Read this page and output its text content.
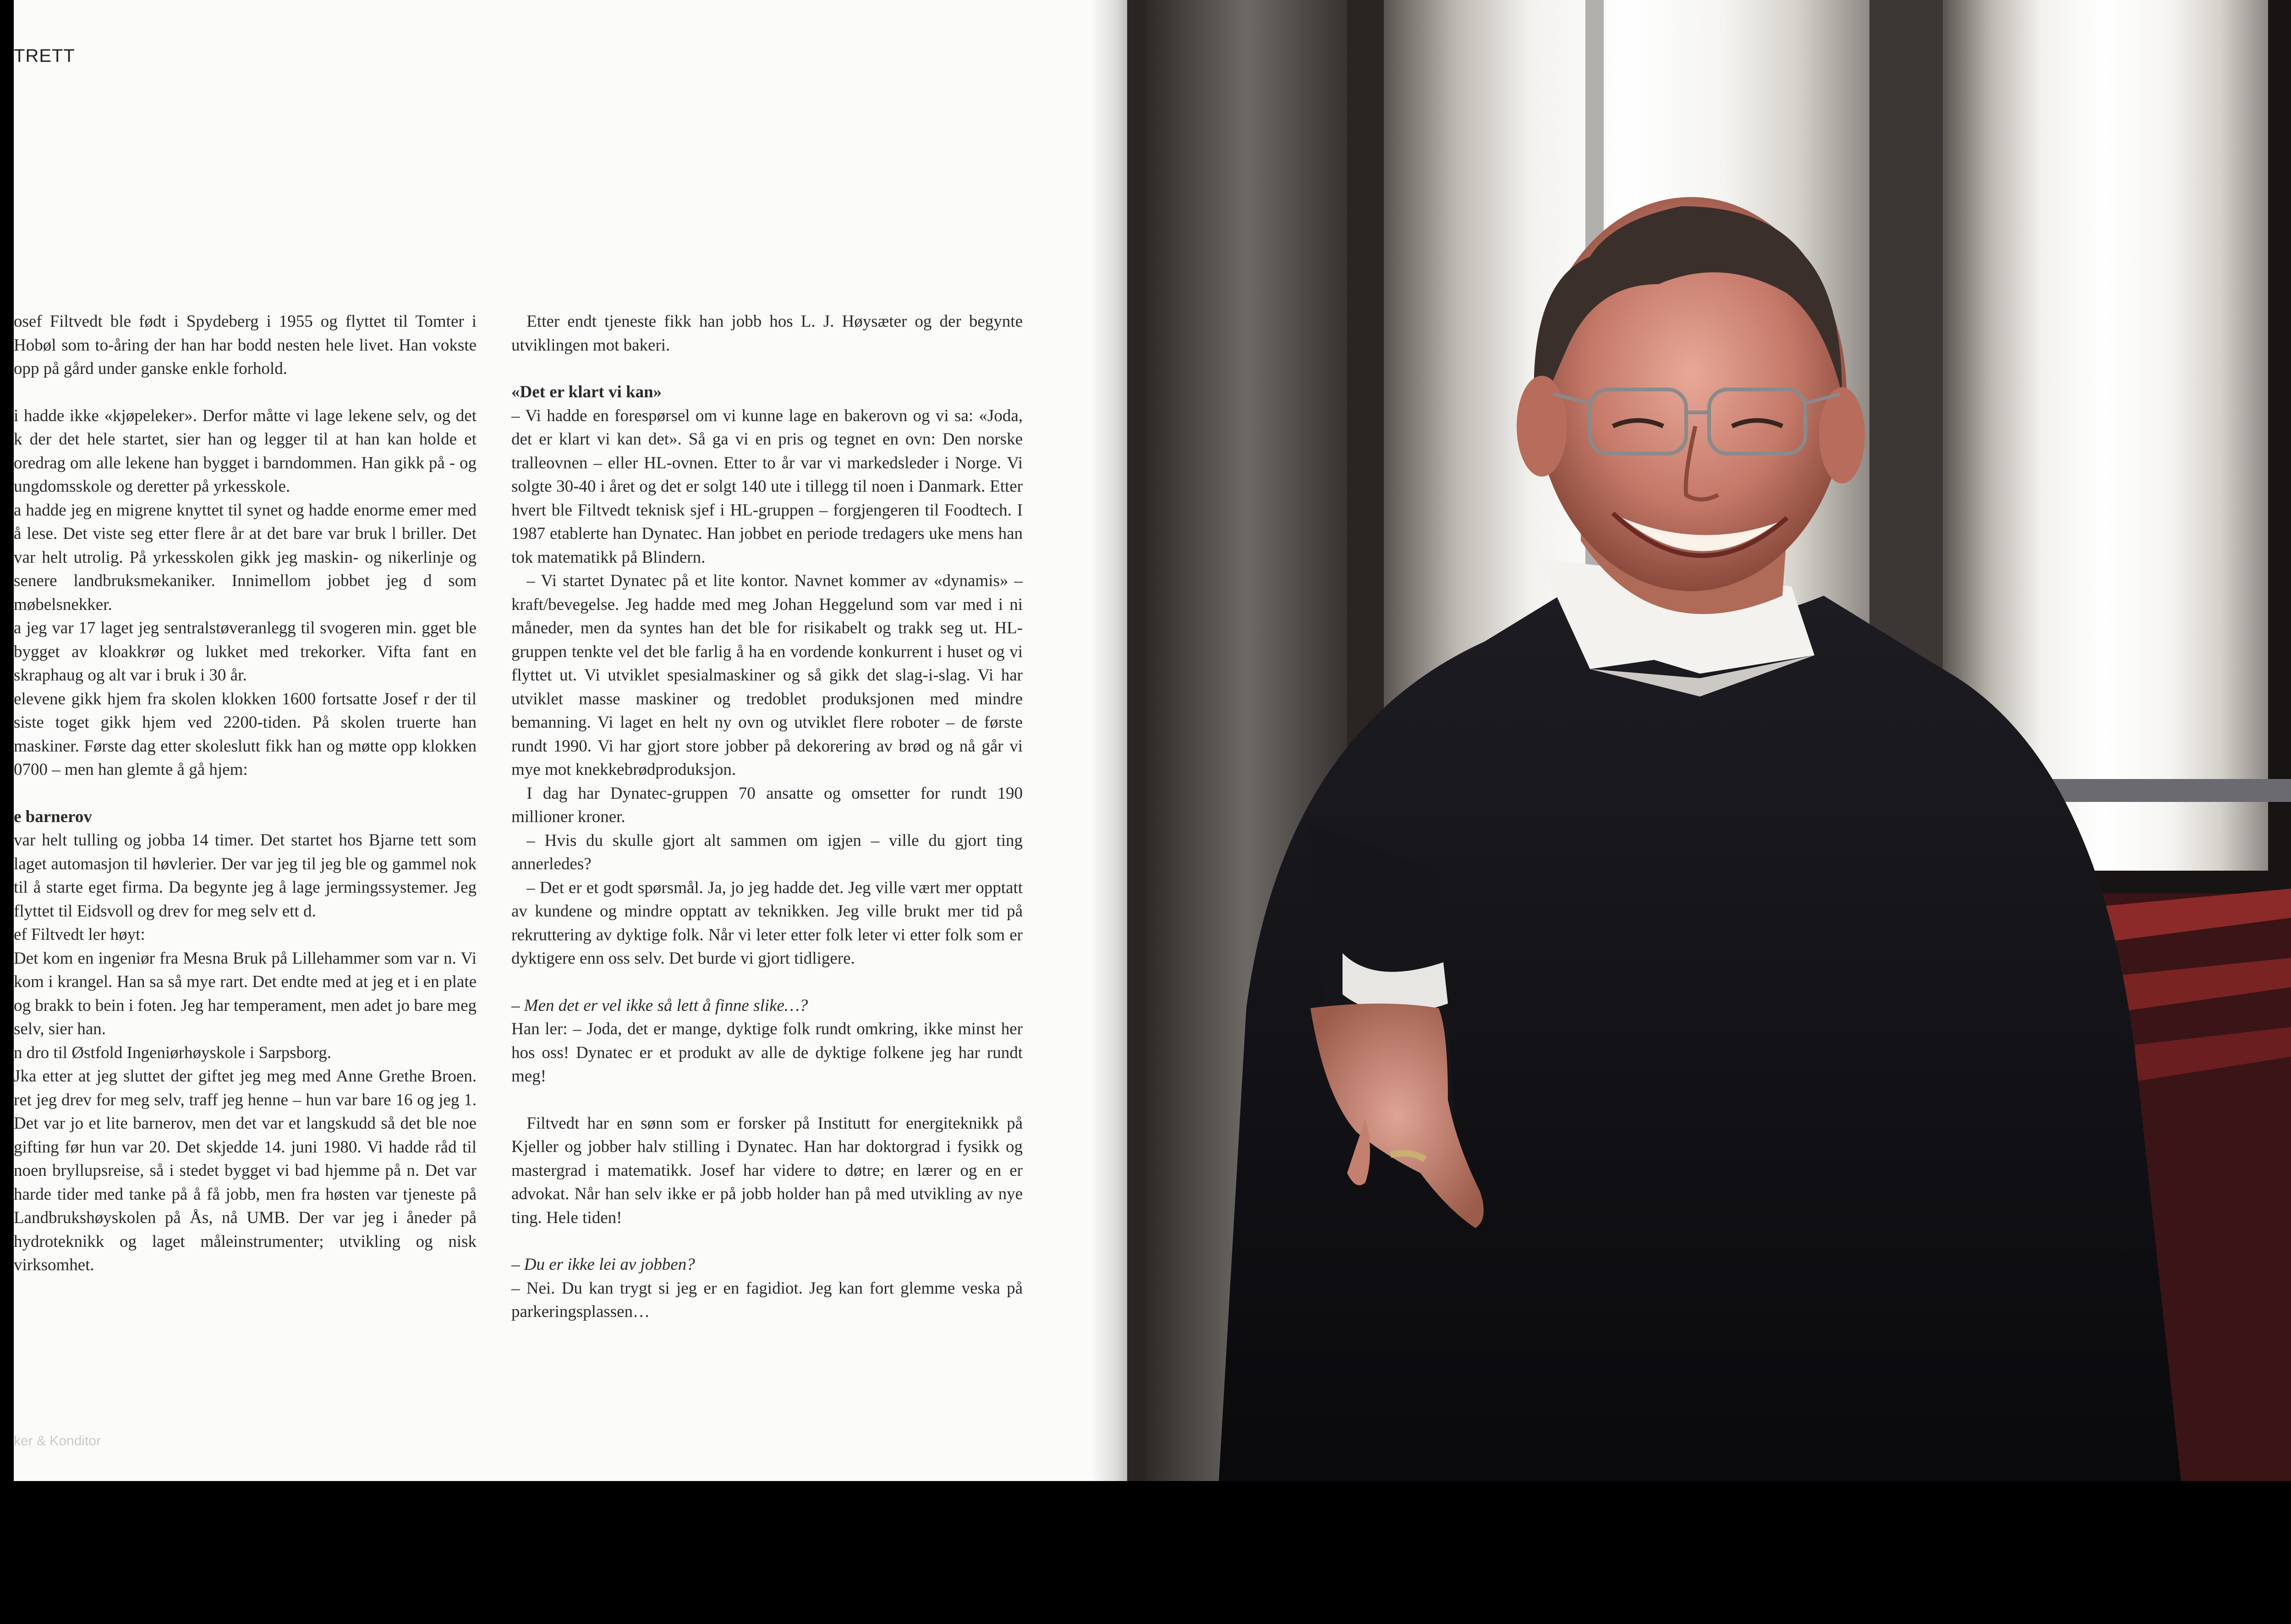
TRETT

osef Filtvedt ble født i Spydeberg i 1955 og flyttet til Tomter i Hobøl som to-åring der han har bodd nesten hele livet. Han vokste opp på gård under ganske enkle forhold.

i hadde ikke «kjøpeleker». Derfor måtte vi lage lekene selv, og det k der det hele startet, sier han og legger til at han kan holde et oredrag om alle lekene han bygget i barndommen. Han gikk på - og ungdomsskole og deretter på yrkesskole.

a hadde jeg en migrene knyttet til synet og hadde enorme emer med å lese. Det viste seg etter flere år at det bare var bruk l briller. Det var helt utrolig. På yrkesskolen gikk jeg maskin- og nikerlinje og senere landbruksmekaniker. Innimellom jobbet jeg d som møbelsnekker.

a jeg var 17 laget jeg sentralstøveranlegg til svogeren min. gget ble bygget av kloakkrør og lukket med trekorker. Vifta fant en skraphaug og alt var i bruk i 30 år.

elevene gikk hjem fra skolen klokken 1600 fortsatte Josef r der til siste toget gikk hjem ved 2200-tiden. På skolen truerte han maskiner. Første dag etter skoleslutt fikk han og møtte opp klokken 0700 – men han glemte å gå hjem:

e barnerov

var helt tulling og jobba 14 timer. Det startet hos Bjarne tett som laget automasjon til høvlerier. Der var jeg til jeg ble og gammel nok til å starte eget firma. Da begynte jeg å lage jermingssystemer. Jeg flyttet til Eidsvoll og drev for meg selv ett d.

ef Filtvedt ler høyt:

Det kom en ingeniør fra Mesna Bruk på Lillehammer som var n. Vi kom i krangel. Han sa så mye rart. Det endte med at jeg et i en plate og brakk to bein i foten. Jeg har temperament, men adet jo bare meg selv, sier han.

n dro til Østfold Ingeniørhøyskole i Sarpsborg.

Jka etter at jeg sluttet der giftet jeg meg med Anne Grethe Broen. ret jeg drev for meg selv, traff jeg henne – hun var bare 16 og jeg 1. Det var jo et lite barnerov, men det var et langskudd så det ble noe gifting før hun var 20. Det skjedde 14. juni 1980. Vi hadde råd til noen bryllupsreise, så i stedet bygget vi bad hjemme på n. Det var harde tider med tanke på å få jobb, men fra høsten var tjeneste på Landbrukshøyskolen på Ås, nå UMB. Der var jeg i åneder på hydroteknikk og laget måleinstrumenter; utvikling og nisk virksomhet.

Etter endt tjeneste fikk han jobb hos L. J. Høysæter og der begynte utviklingen mot bakeri.

«Det er klart vi kan»

– Vi hadde en forespørsel om vi kunne lage en bakerovn og vi sa: «Joda, det er klart vi kan det». Så ga vi en pris og tegnet en ovn: Den norske tralleovnen – eller HL-ovnen. Etter to år var vi markedsleder i Norge. Vi solgte 30-40 i året og det er solgt 140 ute i tillegg til noen i Danmark. Etter hvert ble Filtvedt teknisk sjef i HL-gruppen – forgjengeren til Foodtech. I 1987 etablerte han Dynatec. Han jobbet en periode tredagers uke mens han tok matematikk på Blindern.

– Vi startet Dynatec på et lite kontor. Navnet kommer av «dynamis» – kraft/bevegelse. Jeg hadde med meg Johan Heggelund som var med i ni måneder, men da syntes han det ble for risikabelt og trakk seg ut. HL-gruppen tenkte vel det ble farlig å ha en vordende konkurrent i huset og vi flyttet ut. Vi utviklet spesialmaskiner og så gikk det slag-i-slag. Vi har utviklet masse maskiner og tredoblet produksjonen med mindre bemanning. Vi laget en helt ny ovn og utviklet flere roboter – de første rundt 1990. Vi har gjort store jobber på dekorering av brød og nå går vi mye mot knekkebrødproduksjon.

I dag har Dynatec-gruppen 70 ansatte og omsetter for rundt 190 millioner kroner.

– Hvis du skulle gjort alt sammen om igjen – ville du gjort ting annerledes?

– Det er et godt spørsmål. Ja, jo jeg hadde det. Jeg ville vært mer opptatt av kundene og mindre opptatt av teknikken. Jeg ville brukt mer tid på rekruttering av dyktige folk. Når vi leter etter folk leter vi etter folk som er dyktigere enn oss selv. Det burde vi gjort tidligere.

– Men det er vel ikke så lett å finne slike…?

Han ler: – Joda, det er mange, dyktige folk rundt omkring, ikke minst her hos oss! Dynatec er et produkt av alle de dyktige folkene jeg har rundt meg!

Filtvedt har en sønn som er forsker på Institutt for energiteknikk på Kjeller og jobber halv stilling i Dynatec. Han har doktorgrad i fysikk og mastergrad i matematikk. Josef har videre to døtre; en lærer og en er advokat. Når han selv ikke er på jobb holder han på med utvikling av nye ting. Hele tiden!

– Du er ikke lei av jobben?

– Nei. Du kan trygt si jeg er en fagidiot. Jeg kan fort glemme veska på parkeringsplassen…

ker & Konditor
